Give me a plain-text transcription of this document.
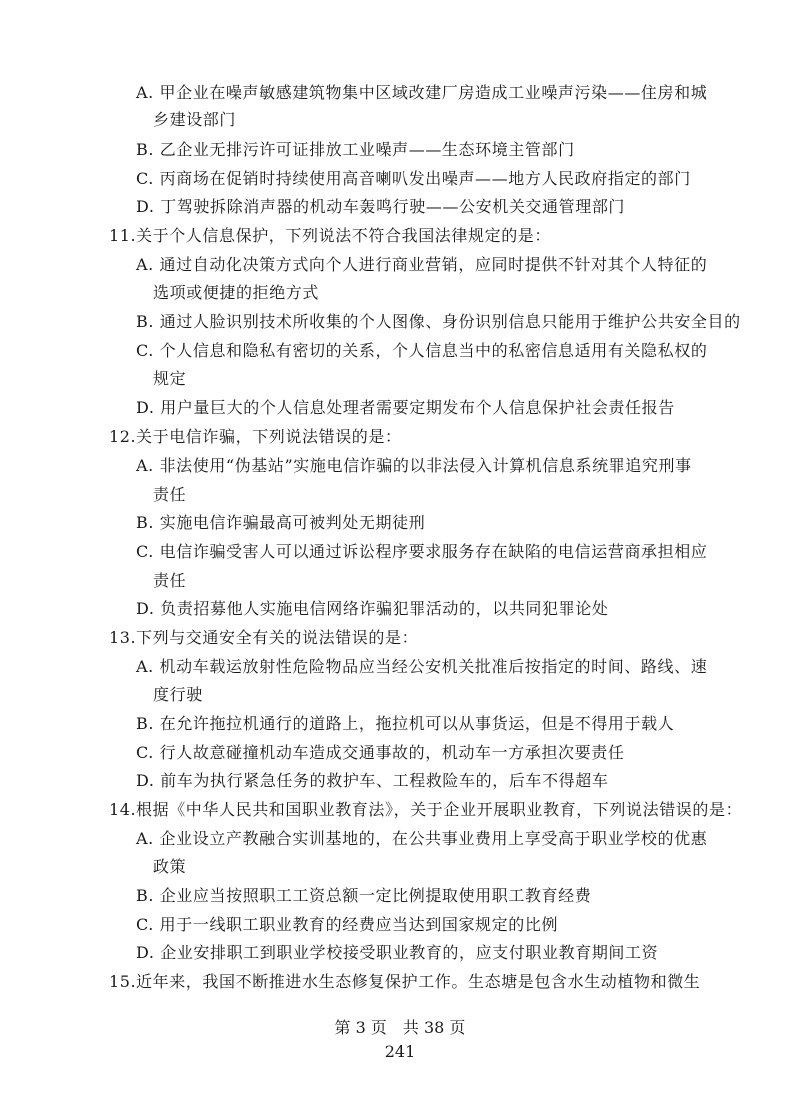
A. 甲企业在噪声敏感建筑物集中区域改建厂房造成工业噪声污染——住房和城
乡建设部门
B. 乙企业无排污许可证排放工业噪声——生态环境主管部门
C. 丙商场在促销时持续使用高音喇叭发出噪声——地方人民政府指定的部门
D. 丁驾驶拆除消声器的机动车轰鸣行驶——公安机关交通管理部门
11. 关于个人信息保护，下列说法不符合我国法律规定的是：
A. 通过自动化决策方式向个人进行商业营销，应同时提供不针对其个人特征的
选项或便捷的拒绝方式
B. 通过人脸识别技术所收集的个人图像、身份识别信息只能用于维护公共安全目的
C. 个人信息和隐私有密切的关系，个人信息当中的私密信息适用有关隐私权的
规定
D. 用户量巨大的个人信息处理者需要定期发布个人信息保护社会责任报告
12. 关于电信诈骗，下列说法错误的是：
A. 非法使用“伪基站”实施电信诈骗的以非法侵入计算机信息系统罪追究刑事
责任
B. 实施电信诈骗最高可被判处无期徒刑
C. 电信诈骗受害人可以通过诉讼程序要求服务存在缺陷的电信运营商承担相应
责任
D. 负责招募他人实施电信网络诈骗犯罪活动的，以共同犯罪论处
13. 下列与交通安全有关的说法错误的是：
A. 机动车载运放射性危险物品应当经公安机关批准后按指定的时间、路线、速
度行驶
B. 在允许拖拉机通行的道路上，拖拉机可以从事货运，但是不得用于载人
C. 行人故意碰撞机动车造成交通事故的，机动车一方承担次要责任
D. 前车为执行紧急任务的救护车、工程救险车的，后车不得超车
14. 根据《中华人民共和国职业教育法》，关于企业开展职业教育，下列说法错误的是：
A. 企业设立产教融合实训基地的，在公共事业费用上享受高于职业学校的优惠
政策
B. 企业应当按照职工工资总额一定比例提取使用职工教育经费
C. 用于一线职工职业教育的经费应当达到国家规定的比例
D. 企业安排职工到职业学校接受职业教育的，应支付职业教育期间工资
15. 近年来，我国不断推进水生态修复保护工作。生态塘是包含水生动植物和微生
第 3 页　共 38 页
241
